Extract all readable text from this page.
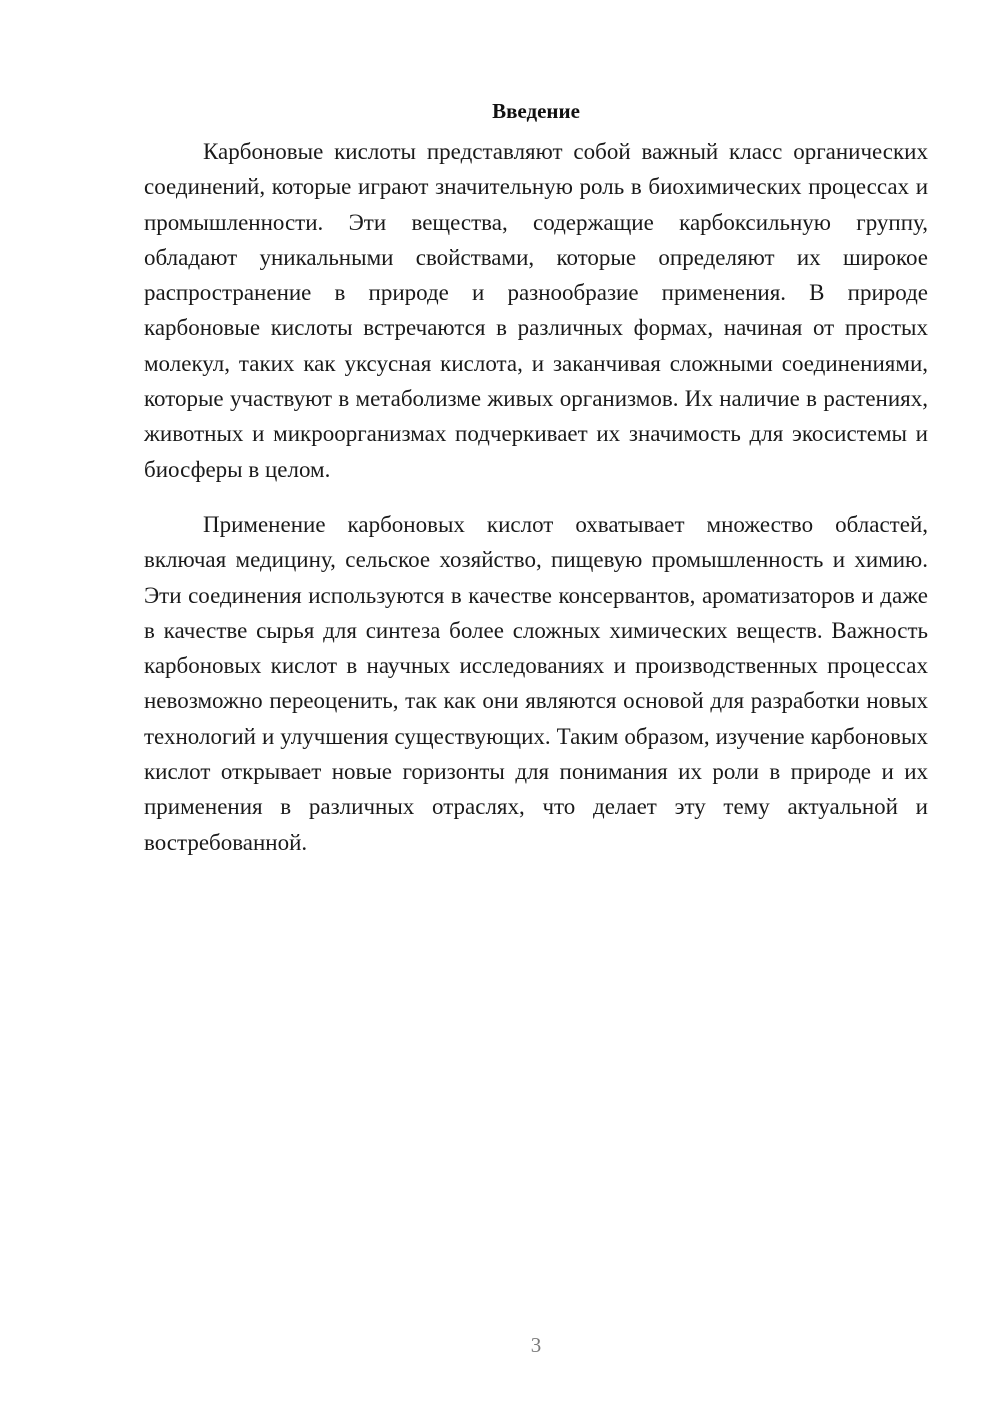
Введение

Карбоновые кислоты представляют собой важный класс органических соединений, которые играют значительную роль в биохимических процессах и промышленности. Эти вещества, содержащие карбоксильную группу, обладают уникальными свойствами, которые определяют их широкое распространение в природе и разнообразие применения. В природе карбоновые кислоты встречаются в различных формах, начиная от простых молекул, таких как уксусная кислота, и заканчивая сложными соединениями, которые участвуют в метаболизме живых организмов. Их наличие в растениях, животных и микроорганизмах подчеркивает их значимость для экосистемы и биосферы в целом.

Применение карбоновых кислот охватывает множество областей, включая медицину, сельское хозяйство, пищевую промышленность и химию. Эти соединения используются в качестве консервантов, ароматизаторов и даже в качестве сырья для синтеза более сложных химических веществ. Важность карбоновых кислот в научных исследованиях и производственных процессах невозможно переоценить, так как они являются основой для разработки новых технологий и улучшения существующих. Таким образом, изучение карбоновых кислот открывает новые горизонты для понимания их роли в природе и их применения в различных отраслях, что делает эту тему актуальной и востребованной.

3
